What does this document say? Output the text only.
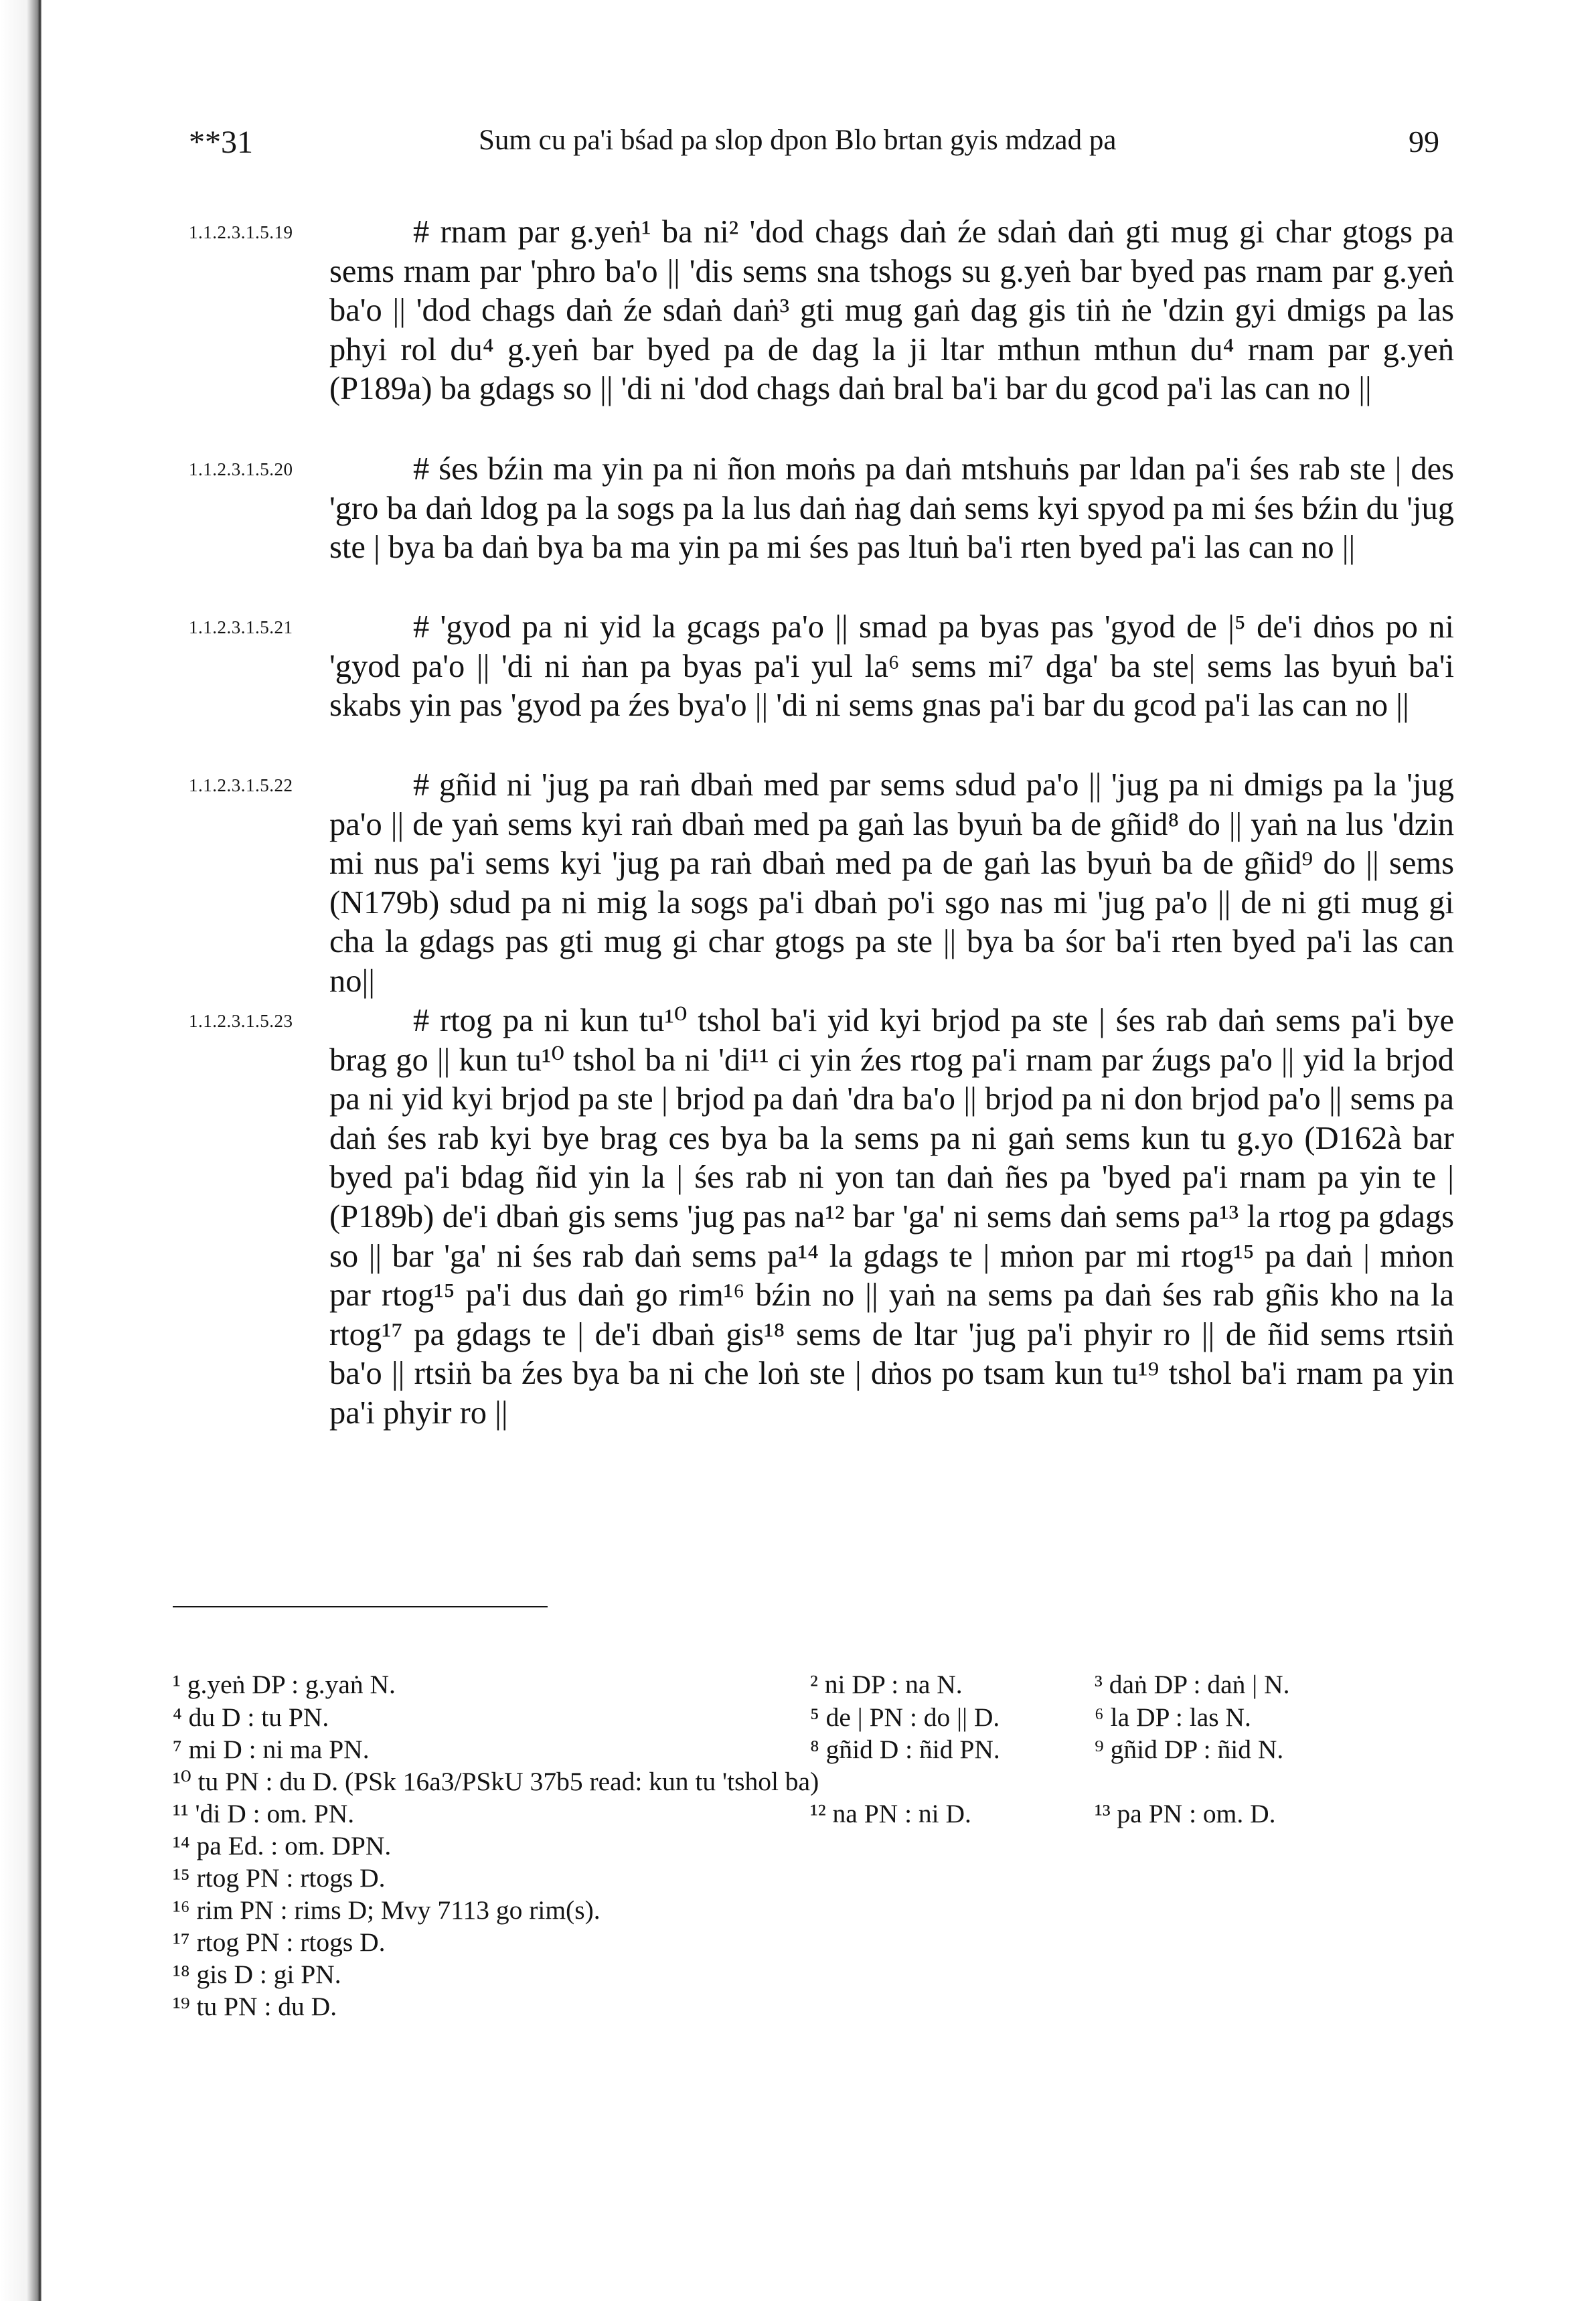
**31	Sum cu pa'i bśad pa slop dpon Blo brtan gyis mdzad pa	99
1.1.2.3.1.5.19	# rnam par g.yeṅ¹ ba ni² 'dod chags daṅ źe sdaṅ daṅ gti mug gi char gtogs pa sems rnam par 'phro ba'o || 'dis sems sna tshogs su g.yeṅ bar byed pas rnam par g.yeṅ ba'o || 'dod chags daṅ źe sdaṅ daṅ³ gti mug gaṅ dag gis tiṅ ṅe 'dzin gyi dmigs pa las phyi rol du⁴ g.yeṅ bar byed pa de dag la ji ltar mthun mthun du⁴ rnam par g.yeṅ (P189a) ba gdags so || 'di ni 'dod chags daṅ bral ba'i bar du gcod pa'i las can no ||
1.1.2.3.1.5.20	# śes bźin ma yin pa ni ñon moṅs pa daṅ mtshuṅs par ldan pa'i śes rab ste | des 'gro ba daṅ ldog pa la sogs pa la lus daṅ ṅag daṅ sems kyi spyod pa mi śes bźin du 'jug ste | bya ba daṅ bya ba ma yin pa mi śes pas ltuṅ ba'i rten byed pa'i las can no ||
1.1.2.3.1.5.21	# 'gyod pa ni yid la gcags pa'o || smad pa byas pas 'gyod de |⁵ de'i dṅos po ni 'gyod pa'o || 'di ni ṅan pa byas pa'i yul la⁶ sems mi⁷ dga' ba ste| sems las byuṅ ba'i skabs yin pas 'gyod pa źes bya'o || 'di ni sems gnas pa'i bar du gcod pa'i las can no ||
1.1.2.3.1.5.22	# gñid ni 'jug pa raṅ dbaṅ med par sems sdud pa'o || 'jug pa ni dmigs pa la 'jug pa'o || de yaṅ sems kyi raṅ dbaṅ med pa gaṅ las byuṅ ba de gñid⁸ do || yaṅ na lus 'dzin mi nus pa'i sems kyi 'jug pa raṅ dbaṅ med pa de gaṅ las byuṅ ba de gñid⁹ do || sems (N179b) sdud pa ni mig la sogs pa'i dbaṅ po'i sgo nas mi 'jug pa'o || de ni gti mug gi cha la gdags pas gti mug gi char gtogs pa ste || bya ba śor ba'i rten byed pa'i las can no||
1.1.2.3.1.5.23	# rtog pa ni kun tu¹⁰ tshol ba'i yid kyi brjod pa ste | śes rab daṅ sems pa'i bye brag go || kun tu¹⁰ tshol ba ni 'di¹¹ ci yin źes rtog pa'i rnam par źugs pa'o || yid la brjod pa ni yid kyi brjod pa ste | brjod pa daṅ 'dra ba'o || brjod pa ni don brjod pa'o || sems pa daṅ śes rab kyi bye brag ces bya ba la sems pa ni gaṅ sems kun tu g.yo (D162à bar byed pa'i bdag ñid yin la | śes rab ni yon tan daṅ ñes pa 'byed pa'i rnam pa yin te | (P189b) de'i dbaṅ gis sems 'jug pas na¹² bar 'ga' ni sems daṅ sems pa¹³ la rtog pa gdags so || bar 'ga' ni śes rab daṅ sems pa¹⁴ la gdags te | mṅon par mi rtog¹⁵ pa daṅ | mṅon par rtog¹⁵ pa'i dus daṅ go rim¹⁶ bźin no || yaṅ na sems pa daṅ śes rab gñis kho na la rtog¹⁷ pa gdags te | de'i dbaṅ gis¹⁸ sems de ltar 'jug pa'i phyir ro || de ñid sems rtsiṅ ba'o || rtsiṅ ba źes bya ba ni che loṅ ste | dṅos po tsam kun tu¹⁹ tshol ba'i rnam pa yin pa'i phyir ro ||
¹ g.yeṅ DP : g.yaṅ N.	² ni DP : na N.	³ daṅ DP : daṅ | N.
⁴ du D : tu PN.	⁵ de | PN : do || D.	⁶ la DP : las N.
⁷ mi D : ni ma PN.	⁸ gñid D : ñid PN.	⁹ gñid DP : ñid N.
¹⁰ tu PN : du D. (PSk 16a3/PSkU 37b5 read: kun tu 'tshol ba)
¹¹ 'di D : om. PN.	¹² na PN : ni D.	¹³ pa PN : om. D.
¹⁴ pa Ed. : om. DPN.
¹⁵ rtog PN : rtogs D.
¹⁶ rim PN : rims D; Mvy 7113 go rim(s).
¹⁷ rtog PN : rtogs D.
¹⁸ gis D : gi PN.
¹⁹ tu PN : du D.
